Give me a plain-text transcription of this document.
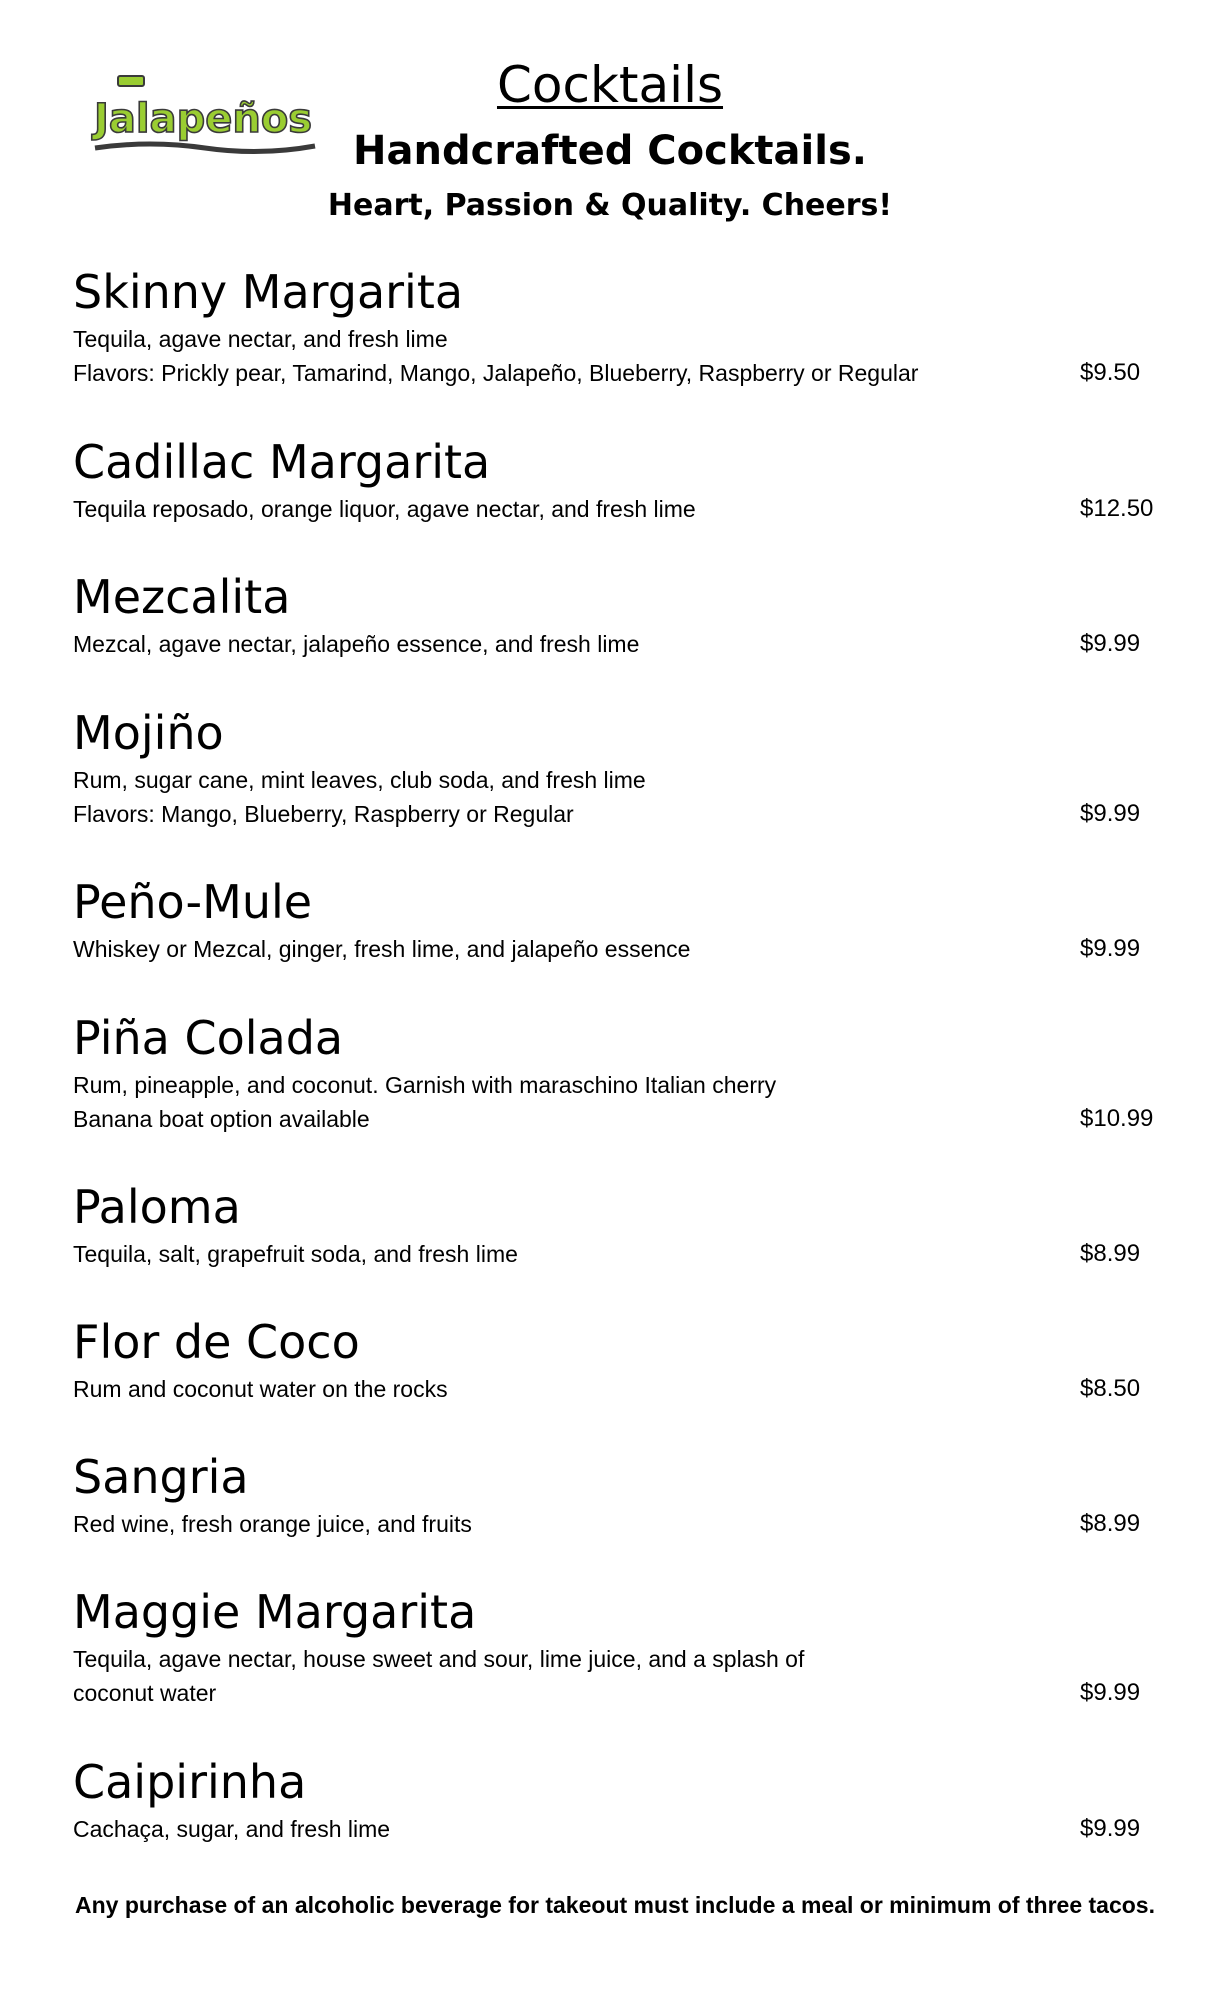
Jalapeños
Cocktails
Handcrafted Cocktails.
Heart, Passion & Quality. Cheers!
Skinny Margarita
Tequila, agave nectar, and fresh lime
Flavors: Prickly pear, Tamarind, Mango, Jalapeño, Blueberry, Raspberry or Regular	$9.50
Cadillac Margarita
Tequila reposado, orange liquor, agave nectar, and fresh lime	$12.50
Mezcalita
Mezcal, agave nectar, jalapeño essence, and fresh lime	$9.99
Mojiño
Rum, sugar cane, mint leaves, club soda, and fresh lime
Flavors: Mango, Blueberry, Raspberry or Regular	$9.99
Peño-Mule
Whiskey or Mezcal, ginger, fresh lime, and jalapeño essence	$9.99
Piña Colada
Rum, pineapple, and coconut. Garnish with maraschino Italian cherry
Banana boat option available	$10.99
Paloma
Tequila, salt, grapefruit soda, and fresh lime	$8.99
Flor de Coco
Rum and coconut water on the rocks	$8.50
Sangria
Red wine, fresh orange juice, and fruits	$8.99
Maggie Margarita
Tequila, agave nectar, house sweet and sour, lime juice, and a splash of
coconut water	$9.99
Caipirinha
Cachaça, sugar, and fresh lime	$9.99
Any purchase of an alcoholic beverage for takeout must include a meal or minimum of three tacos.
